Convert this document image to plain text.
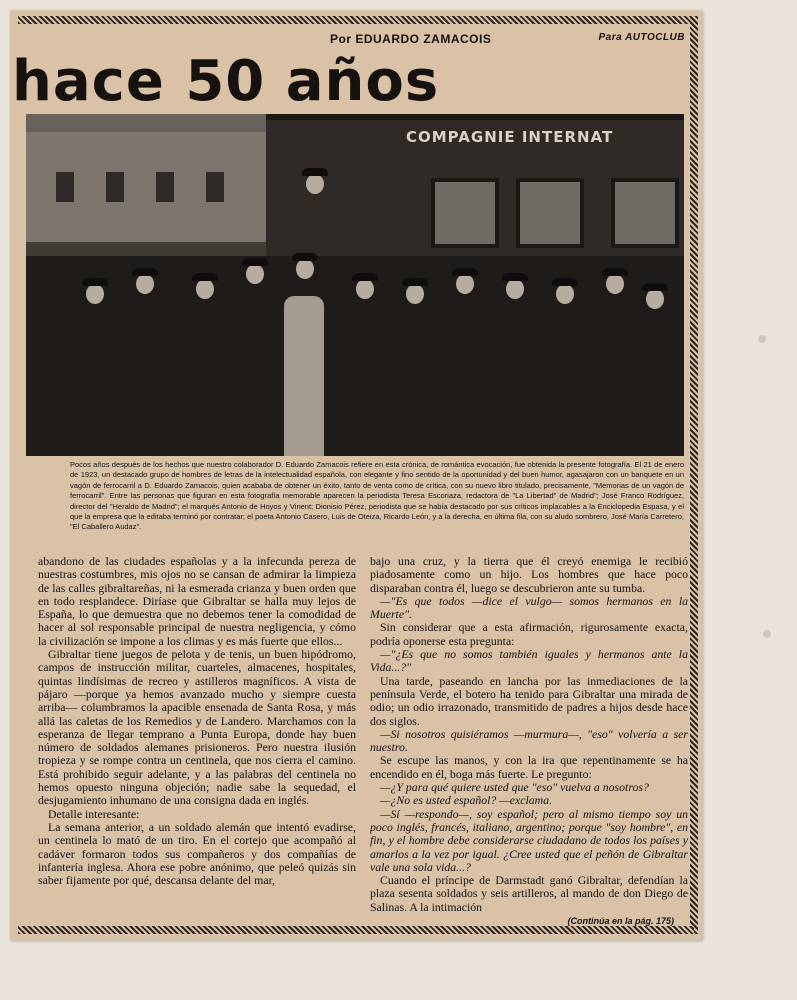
Por EDUARDO ZAMACOIS	Para AUTOCLUB
hace 50 años
COMPAGNIE INTERNAT
Pocos años después de los hechos que nuestro colaborador D. Eduardo Zamacois refiere en esta crónica, de romántica evocación, fue obtenida la presente fotografía. El 21 de enero de 1923, un destacado grupo de hombres de letras de la intelectualidad española, con elegante y fino sentido de la oportunidad y del buen humor, agasajaron con un banquete en un vagón de ferrocarril a D. Eduardo Zamacois, quien acababa de obtener un éxito, tanto de venta como de crítica, con su nuevo libro titulado, precisamente, "Memorias de un vagón de ferrocarril". Entre las personas que figuran en esta fotografía memorable aparecen la periodista Teresa Escoriaza, redactora de "La Libertad" de Madrid"; José Franco Rodríguez, director del "Heraldo de Madrid"; el marqués Antonio de Hoyos y Vinent; Dionisio Pérez, periodista que se había destacado por sus críticos implacables a la Enciclopedia Espasa, y el que la empresa que la editaba terminó por contratar; el poeta Antonio Casero, Luis de Oteiza, Ricardo León, y a la derecha, en última fila, con su aludo sombrero, José María Carretero, "El Caballero Audaz".

abandono de las ciudades españolas y a la infecunda pereza de nuestras costumbres, mis ojos no se cansan de admirar la limpieza de las calles gibraltareñas, ni la esmerada crianza y buen orden que en todo resplandece. Diríase que Gibraltar se halla muy lejos de España, lo que demuestra que no debemos tener la comodidad de hacer al sol responsable principal de nuestra negligencia, y cómo la civilización se impone a los climas y es más fuerte que ellos...

Gibraltar tiene juegos de pelota y de tenis, un buen hipódromo, campos de instrucción militar, cuarteles, almacenes, hospitales, quintas lindísimas de recreo y astilleros magníficos. A vista de pájaro —porque ya hemos avanzado mucho y siempre cuesta arriba— columbramos la apacible ensenada de Santa Rosa, y más allá las caletas de los Remedios y de Landero. Marchamos con la esperanza de llegar temprano a Punta Europa, donde hay buen número de soldados alemanes prisioneros. Pero nuestra ilusión tropieza y se rompe contra un centinela, que nos cierra el camino. Está prohibido seguir adelante, y a las palabras del centinela no hemos opuesto ninguna objeción; nadie sabe la sequedad, el desjugamiento inhumano de una consigna dada en inglés.

Detalle interesante:

La semana anterior, a un soldado alemán que intentó evadirse, un centinela lo mató de un tiro. En el cortejo que acompañó al cadáver formaron todos sus compañeros y dos compañías de infantería inglesa. Ahora ese pobre anónimo, que peleó quizás sin saber fijamente por qué, descansa delante del mar,

bajo una cruz, y la tierra que él creyó enemiga le recibió piadosamente como un hijo. Los hombres que hace poco disparaban contra él, luego se descubrieron ante su tumba.

—"Es que todos —dice el vulgo— somos hermanos en la Muerte".

Sin considerar que a esta afirmación, rigurosamente exacta, podría oponerse esta pregunta:

—"¿Es que no somos también iguales y hermanos ante la Vida...?"

Una tarde, paseando en lancha por las inmediaciones de la península Verde, el botero ha tenido para Gibraltar una mirada de odio; un odio irrazonado, transmitido de padres a hijos desde hace dos siglos.

—Si nosotros quisiéramos —murmura—, "eso" volvería a ser nuestro.

Se escupe las manos, y con la ira que repentinamente se ha encendido en él, boga más fuerte. Le pregunto:

—¿Y para qué quiere usted que "eso" vuelva a nosotros?

—¿No es usted español? —exclama.

—Sí —respondo—, soy español; pero al mismo tiempo soy un poco inglés, francés, italiano, argentino; porque "soy hombre", en fin, y el hombre debe considerarse ciudadano de todos los países y amarlos a la vez por igual. ¿Cree usted que el peñón de Gibraltar vale una sola vida...?

Cuando el príncipe de Darmstadt ganó Gibraltar, defendían la plaza sesenta soldados y seis artilleros, al mando de don Diego de Salinas. A la intimación

(Continúa en la pág. 175)
